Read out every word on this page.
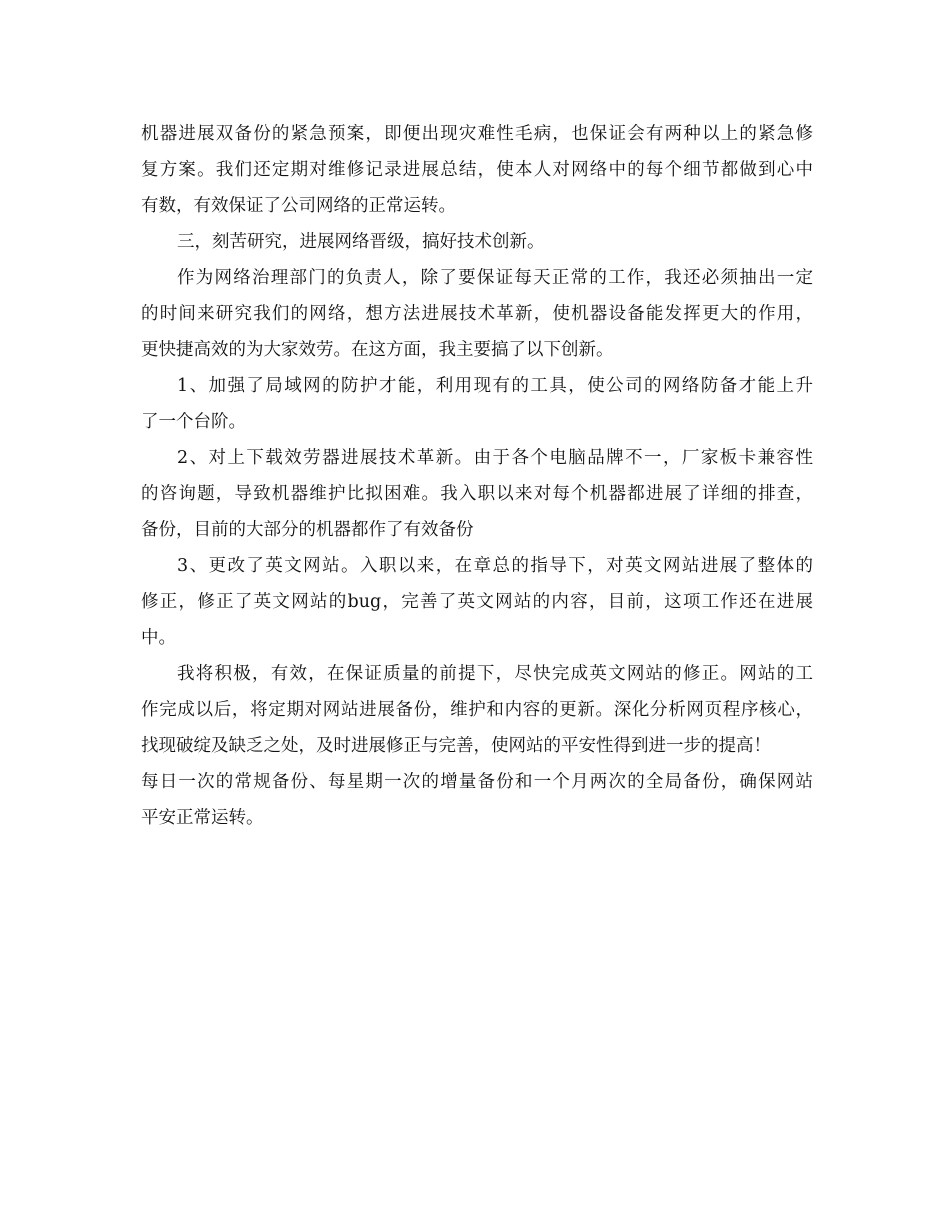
机器进展双备份的紧急预案，即便出现灾难性毛病，也保证会有两种以上的紧急修
复方案。我们还定期对维修记录进展总结，使本人对网络中的每个细节都做到心中
有数，有效保证了公司网络的正常运转。
三，刻苦研究，进展网络晋级，搞好技术创新。
作为网络治理部门的负责人，除了要保证每天正常的工作，我还必须抽出一定
的时间来研究我们的网络，想方法进展技术革新，使机器设备能发挥更大的作用，
更快捷高效的为大家效劳。在这方面，我主要搞了以下创新。
1、加强了局域网的防护才能，利用现有的工具，使公司的网络防备才能上升
了一个台阶。
2、对上下载效劳器进展技术革新。由于各个电脑品牌不一，厂家板卡兼容性
的咨询题，导致机器维护比拟困难。我入职以来对每个机器都进展了详细的排查，
备份，目前的大部分的机器都作了有效备份
3、更改了英文网站。入职以来，在章总的指导下，对英文网站进展了整体的
修正，修正了英文网站的bug，完善了英文网站的内容，目前，这项工作还在进展
中。
我将积极，有效，在保证质量的前提下，尽快完成英文网站的修正。网站的工
作完成以后，将定期对网站进展备份，维护和内容的更新。深化分析网页程序核心，
找现破绽及缺乏之处，及时进展修正与完善，使网站的平安性得到进一步的提高！
每日一次的常规备份、每星期一次的增量备份和一个月两次的全局备份，确保网站
平安正常运转。
